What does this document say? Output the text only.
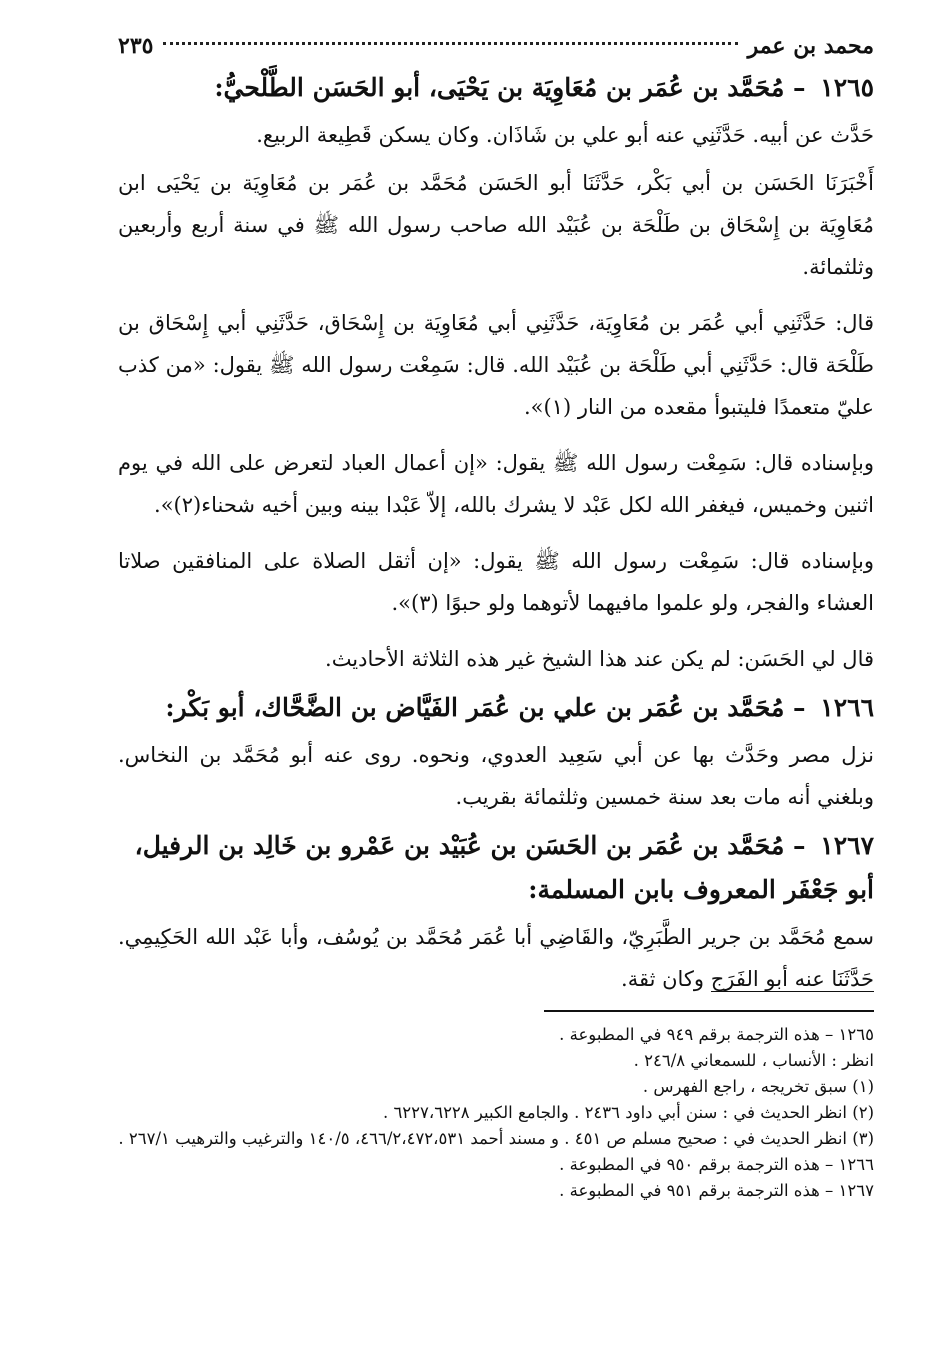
محمد بن عمر
٢٣٥
١٢٦٥ – مُحَمَّد بن عُمَر بن مُعَاوِيَة بن يَحْيَى، أبو الحَسَن الطَّلْحيُّ:

حَدَّث عن أبيه. حَدَّثَنِي عنه أبو علي بن شَاذَان. وكان يسكن قَطِيعة الربيع.

أَخْبَرَنَا الحَسَن بن أبي بَكْر، حَدَّثَنَا أبو الحَسَن مُحَمَّد بن عُمَر بن مُعَاوِيَة بن يَحْيَى ابن مُعَاوِيَة بن إِسْحَاق بن طَلْحَة بن عُبَيْد الله صاحب رسول الله ﷺ في سنة أربع وأربعين وثلثمائة.

قال: حَدَّثَنِي أبي عُمَر بن مُعَاوِيَة، حَدَّثَنِي أبي مُعَاوِيَة بن إِسْحَاق، حَدَّثَنِي أبي إِسْحَاق بن طَلْحَة قال: حَدَّثَنِي أبي طَلْحَة بن عُبَيْد الله. قال: سَمِعْت رسول الله ﷺ يقول: «من كذب عليّ متعمدًا فليتبوأ مقعده من النار (١)».

وبإسناده قال: سَمِعْت رسول الله ﷺ يقول: «إن أعمال العباد لتعرض على الله في يوم اثنين وخميس، فيغفر الله لكل عَبْد لا يشرك بالله، إلاّ عَبْدا بينه وبين أخيه شحناء(٢)».

وبإسناده قال: سَمِعْت رسول الله ﷺ يقول: «إن أثقل الصلاة على المنافقين صلاتا العشاء والفجر، ولو علموا مافيهما لأتوهما ولو حبوًا (٣)».

قال لي الحَسَن: لم يكن عند هذا الشيخ غير هذه الثلاثة الأحاديث.

١٢٦٦ – مُحَمَّد بن عُمَر بن علي بن عُمَر الفَيَّاض بن الضَّحَّاك، أبو بَكْر:

نزل مصر وحَدَّث بها عن أبي سَعِيد العدوي، ونحوه. روى عنه أبو مُحَمَّد بن النخاس. وبلغني أنه مات بعد سنة خمسين وثلثمائة بقريب.

١٢٦٧ – مُحَمَّد بن عُمَر بن الحَسَن بن عُبَيْد بن عَمْرو بن خَالِد بن الرفيل، أبو جَعْفَر المعروف بابن المسلمة:

سمع مُحَمَّد بن جرير الطَّبَرِيّ، والقَاضِي أبا عُمَر مُحَمَّد بن يُوسُف، وأبا عَبْد الله الحَكِيمِي. حَدَّثَنَا عنه أبو الفَرَج وكان ثقة.

١٢٦٥ – هذه الترجمة برقم ٩٤٩ في المطبوعة .
انظر : الأنساب ، للسمعاني ٢٤٦/٨ .
(١) سبق تخريجه ، راجع الفهرس .
(٢) انظر الحديث في : سنن أبي داود ٢٤٣٦ . والجامع الكبير ٦٢٢٧،٦٢٢٨ .
(٣) انظر الحديث في : صحيح مسلم ص ٤٥١ . و مسند أحمد ٤٦٦/٢،٤٧٢،٥٣١، ١٤٠/٥ والترغيب والترهيب ٢٦٧/١ .
١٢٦٦ – هذه الترجمة برقم ٩٥٠ في المطبوعة .
١٢٦٧ – هذه الترجمة برقم ٩٥١ في المطبوعة .
